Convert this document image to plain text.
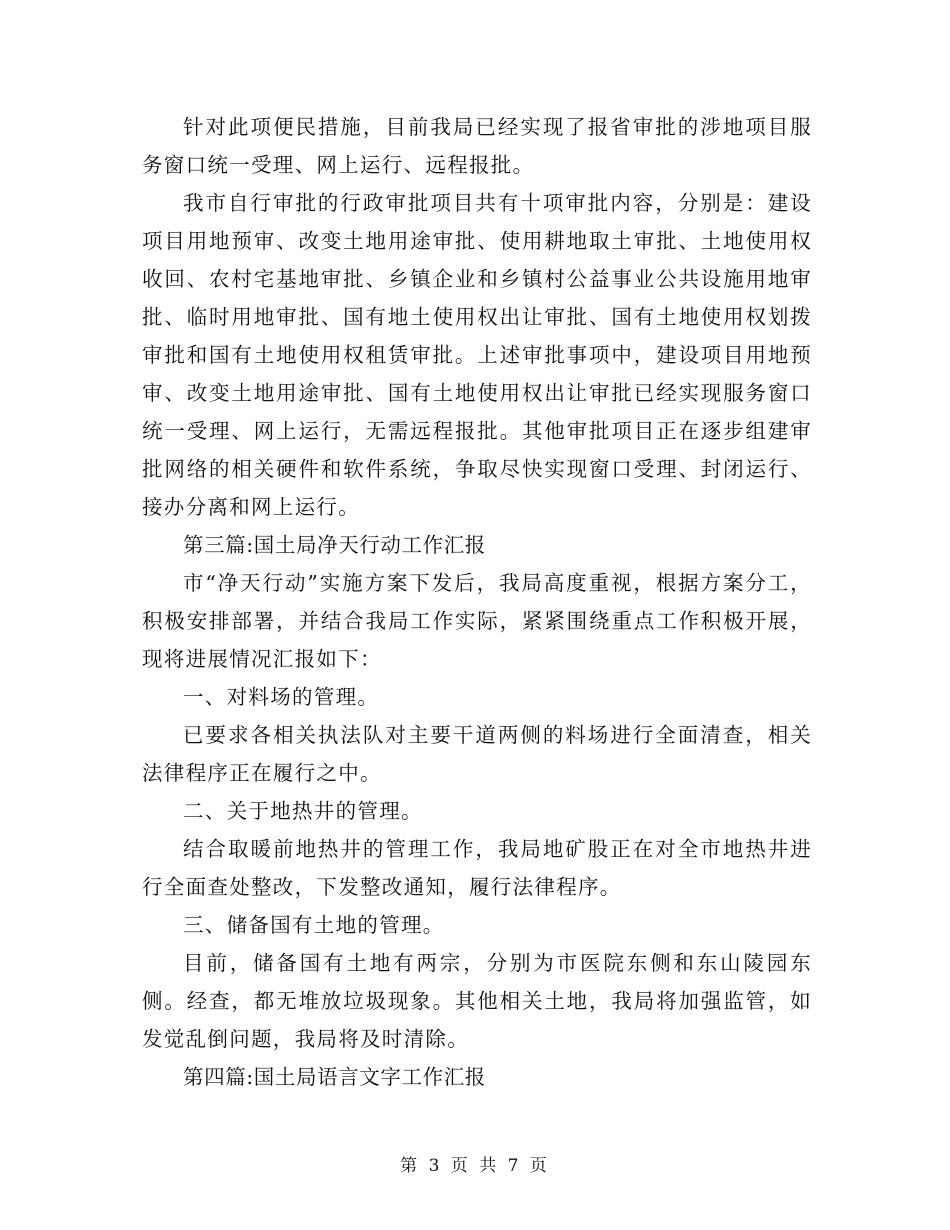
针对此项便民措施，目前我局已经实现了报省审批的涉地项目服务窗口统一受理、网上运行、远程报批。

我市自行审批的行政审批项目共有十项审批内容，分别是：建设项目用地预审、改变土地用途审批、使用耕地取土审批、土地使用权收回、农村宅基地审批、乡镇企业和乡镇村公益事业公共设施用地审批、临时用地审批、国有地土使用权出让审批、国有土地使用权划拨审批和国有土地使用权租赁审批。上述审批事项中，建设项目用地预审、改变土地用途审批、国有土地使用权出让审批已经实现服务窗口统一受理、网上运行，无需远程报批。其他审批项目正在逐步组建审批网络的相关硬件和软件系统，争取尽快实现窗口受理、封闭运行、接办分离和网上运行。

第三篇:国土局净天行动工作汇报

市“净天行动”实施方案下发后，我局高度重视，根据方案分工，积极安排部署，并结合我局工作实际，紧紧围绕重点工作积极开展，现将进展情况汇报如下：

一、对料场的管理。

已要求各相关执法队对主要干道两侧的料场进行全面清查，相关法律程序正在履行之中。

二、关于地热井的管理。

结合取暖前地热井的管理工作，我局地矿股正在对全市地热井进行全面查处整改，下发整改通知，履行法律程序。

三、储备国有土地的管理。

目前，储备国有土地有两宗，分别为市医院东侧和东山陵园东侧。经查，都无堆放垃圾现象。其他相关土地，我局将加强监管，如发觉乱倒问题，我局将及时清除。

第四篇:国土局语言文字工作汇报

第 3 页 共 7 页
